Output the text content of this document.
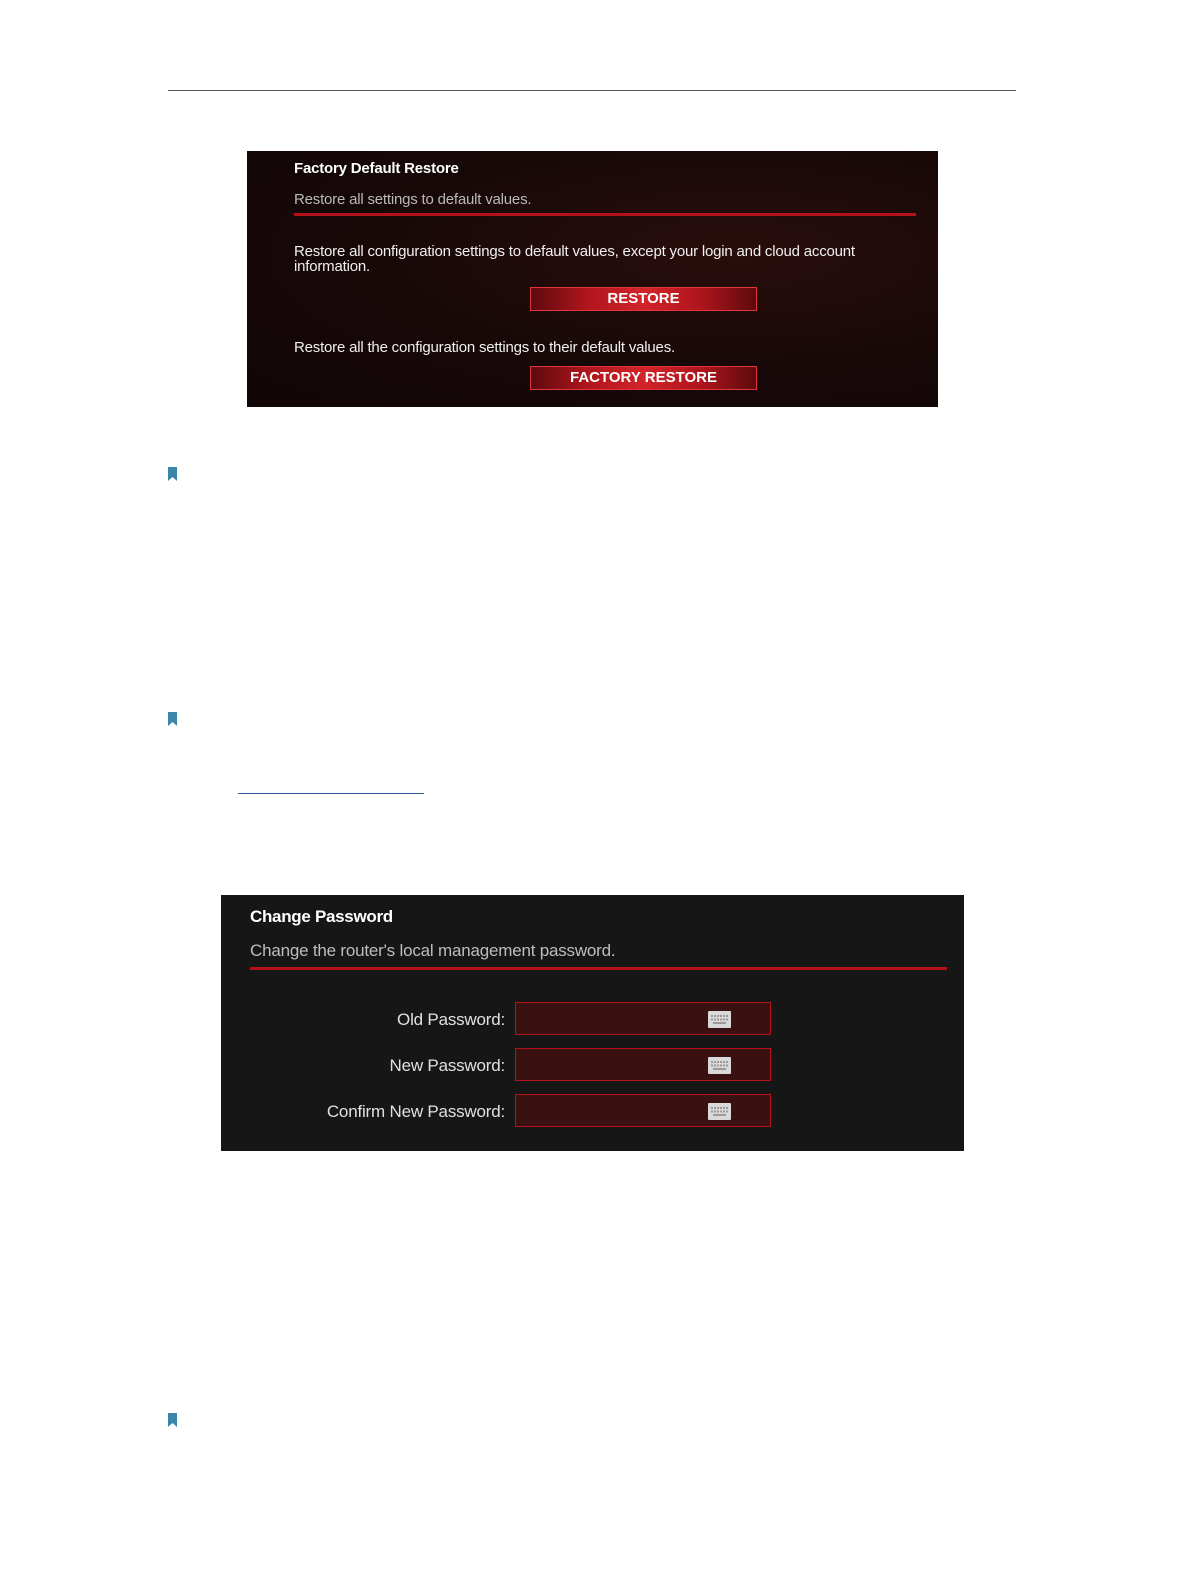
Factory Default Restore
Restore all settings to default values.
Restore all configuration settings to default values, except your login and cloud account information.
RESTORE
Restore all the configuration settings to their default values.
FACTORY RESTORE
Change Password
Change the router's local management password.
Old Password:
New Password:
Confirm New Password:
